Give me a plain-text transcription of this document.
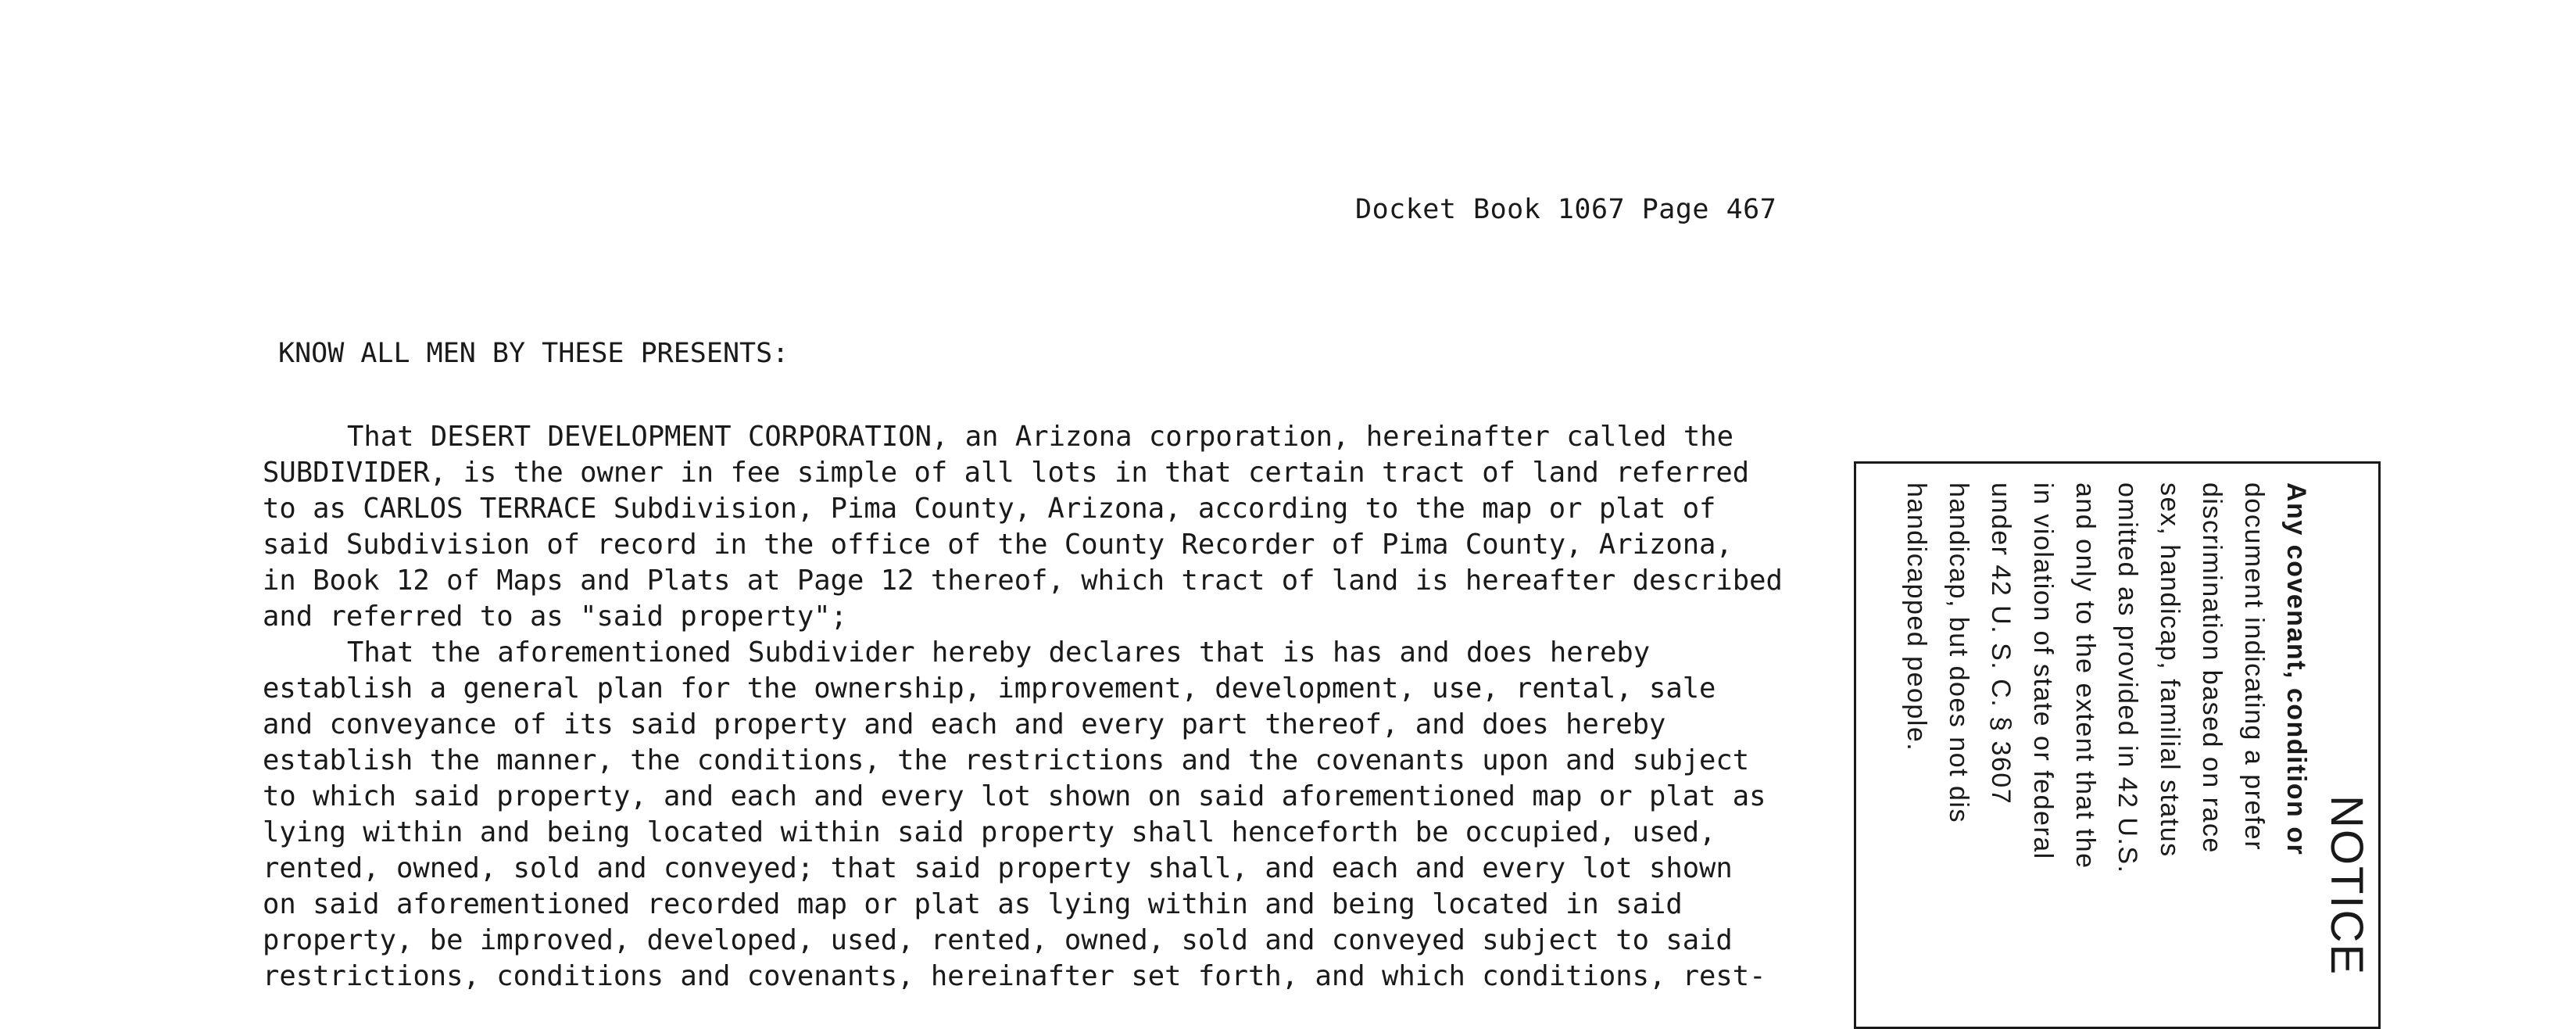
Docket Book 1067 Page 467
KNOW ALL MEN BY THESE PRESENTS:
That DESERT DEVELOPMENT CORPORATION, an Arizona corporation, hereinafter called the
SUBDIVIDER, is the owner in fee simple of all lots in that certain tract of land referred
to as CARLOS TERRACE Subdivision, Pima County, Arizona, according to the map or plat of
said Subdivision of record in the office of the County Recorder of Pima County, Arizona,
in Book 12 of Maps and Plats at Page 12 thereof, which tract of land is hereafter described
and referred to as "said property";
That the aforementioned Subdivider hereby declares that is has and does hereby
establish a general plan for the ownership, improvement, development, use, rental, sale
and conveyance of its said property and each and every part thereof, and does hereby
establish the manner, the conditions, the restrictions and the covenants upon and subject
to which said property, and each and every lot shown on said aforementioned map or plat as
lying within and being located within said property shall henceforth be occupied, used,
rented, owned, sold and conveyed; that said property shall, and each and every lot shown
on said aforementioned recorded map or plat as lying within and being located in said
property, be improved, developed, used, rented, owned, sold and conveyed subject to said
restrictions, conditions and covenants, hereinafter set forth, and which conditions, rest-
NOTICE
Any covenant, condition or
document indicating a prefer
discrimination based on race
sex, handicap, familial status
omitted as provided in 42 U.S.
and only to the extent that the
in violation of state or federal
under 42 U. S. C. § 3607
handicap, but does not dis
handicapped people.
